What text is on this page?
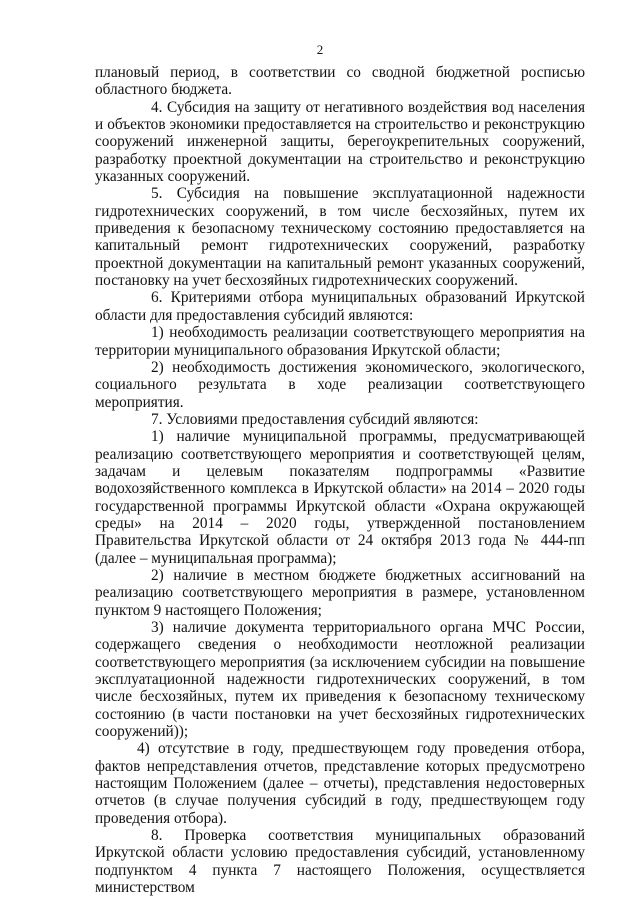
2

плановый период, в соответствии со сводной бюджетной росписью областного бюджета.

4. Субсидия на защиту от негативного воздействия вод населения и объектов экономики предоставляется на строительство и реконструкцию сооружений инженерной защиты, берегоукрепительных сооружений, разработку проектной документации на строительство и реконструкцию указанных сооружений.

5. Субсидия на повышение эксплуатационной надежности гидротехнических сооружений, в том числе бесхозяйных, путем их приведения к безопасному техническому состоянию предоставляется на капитальный ремонт гидротехнических сооружений, разработку проектной документации на капитальный ремонт указанных сооружений, постановку на учет бесхозяйных гидротехнических сооружений.

6. Критериями отбора муниципальных образований Иркутской области для предоставления субсидий являются:

1) необходимость реализации соответствующего мероприятия на территории муниципального образования Иркутской области;

2) необходимость достижения экономического, экологического, социального результата в ходе реализации соответствующего мероприятия.

7. Условиями предоставления субсидий являются:

1) наличие муниципальной программы, предусматривающей реализацию соответствующего мероприятия и соответствующей целям, задачам и целевым показателям подпрограммы «Развитие водохозяйственного комплекса в Иркутской области» на 2014 – 2020 годы государственной программы Иркутской области «Охрана окружающей среды» на 2014 – 2020 годы, утвержденной постановлением Правительства Иркутской области от 24 октября 2013 года № 444-пп (далее – муниципальная программа);

2) наличие в местном бюджете бюджетных ассигнований на реализацию соответствующего мероприятия в размере, установленном пунктом 9 настоящего Положения;

3) наличие документа территориального органа МЧС России, содержащего сведения о необходимости неотложной реализации соответствующего мероприятия (за исключением субсидии на повышение эксплуатационной надежности гидротехнических сооружений, в том числе бесхозяйных, путем их приведения к безопасному техническому состоянию (в части постановки на учет бесхозяйных гидротехнических сооружений));

4) отсутствие в году, предшествующем году проведения отбора, фактов непредставления отчетов, представление которых предусмотрено настоящим Положением (далее – отчеты), представления недостоверных отчетов (в случае получения субсидий в году, предшествующем году проведения отбора).

8. Проверка соответствия муниципальных образований Иркутской области условию предоставления субсидий, установленному подпунктом 4 пункта 7 настоящего Положения, осуществляется министерством
